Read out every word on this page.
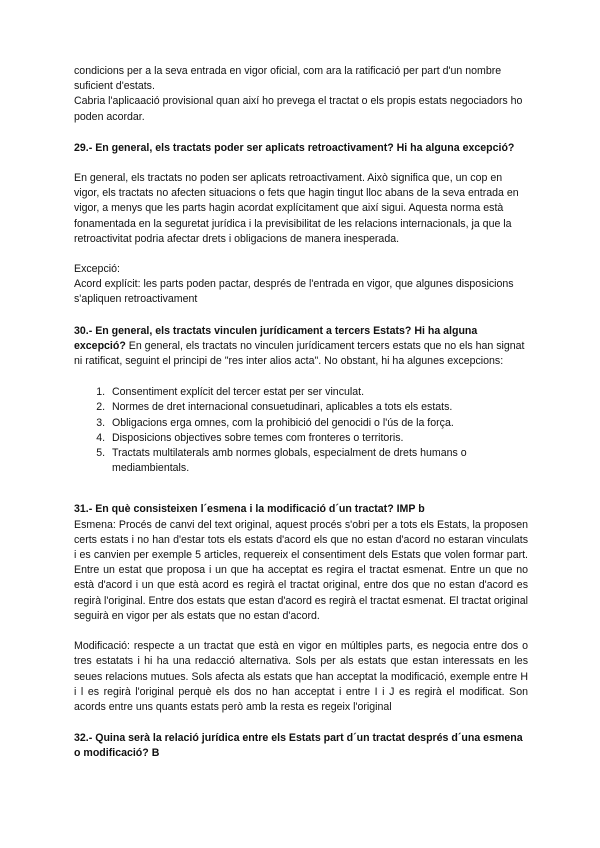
condicions per a la seva entrada en vigor oficial, com ara la ratificació per part d'un nombre suficient d'estats.

Cabria l'aplicaació provisional quan així ho prevega el tractat o els propis estats negociadors ho poden acordar.

29.- En general, els tractats poder ser aplicats retroactivament? Hi ha alguna excepció?

En general, els tractats no poden ser aplicats retroactivament. Això significa que, un cop en vigor, els tractats no afecten situacions o fets que hagin tingut lloc abans de la seva entrada en vigor, a menys que les parts hagin acordat explícitament que així sigui. Aquesta norma està fonamentada en la seguretat jurídica i la previsibilitat de les relacions internacionals, ja que la retroactivitat podria afectar drets i obligacions de manera inesperada.

Excepció:

Acord explícit: les parts poden pactar, després de l'entrada en vigor, que algunes disposicions s'apliquen retroactivament

30.- En general, els tractats vinculen jurídicament a tercers Estats? Hi ha alguna excepció? En general, els tractats no vinculen jurídicament tercers estats que no els han signat ni ratificat, seguint el principi de "res inter alios acta". No obstant, hi ha algunes excepcions:

1. Consentiment explícit del tercer estat per ser vinculat.
2. Normes de dret internacional consuetudinari, aplicables a tots els estats.
3. Obligacions erga omnes, com la prohibició del genocidi o l'ús de la força.
4. Disposicions objectives sobre temes com fronteres o territoris.
5. Tractats multilaterals amb normes globals, especialment de drets humans o mediambientals.

31.- En què consisteixen l´esmena i la modificació d´un tractat? IMP b

Esmena: Procés de canvi del text original, aquest procés s'obri per a tots els Estats, la proposen certs estats i no han d'estar tots els estats d'acord els que no estan d'acord no estaran vinculats i es canvien per exemple 5 articles, requereix el consentiment dels Estats que volen formar part. Entre un estat que proposa i un que ha acceptat es regira el tractat esmenat. Entre un que no està d'acord i un que està acord es regirà el tractat original, entre dos que no estan d'acord es regirà l'original. Entre dos estats que estan d'acord es regirà el tractat esmenat. El tractat original seguirà en vigor per als estats que no estan d'acord.

Modificació: respecte a un tractat que està en vigor en múltiples parts, es negocia entre dos o tres estatats i hi ha una redacció alternativa. Sols per als estats que estan interessats en les seues relacions mutues. Sols afecta als estats que han acceptat la modificació, exemple entre H i l es regirà l'original perquè els dos no han acceptat i entre I i J es regirà el modificat. Son acords entre uns quants estats però amb la resta es regeix l'original

32.- Quina serà la relació jurídica entre els Estats part d´un tractat després d´una esmena o modificació? B
